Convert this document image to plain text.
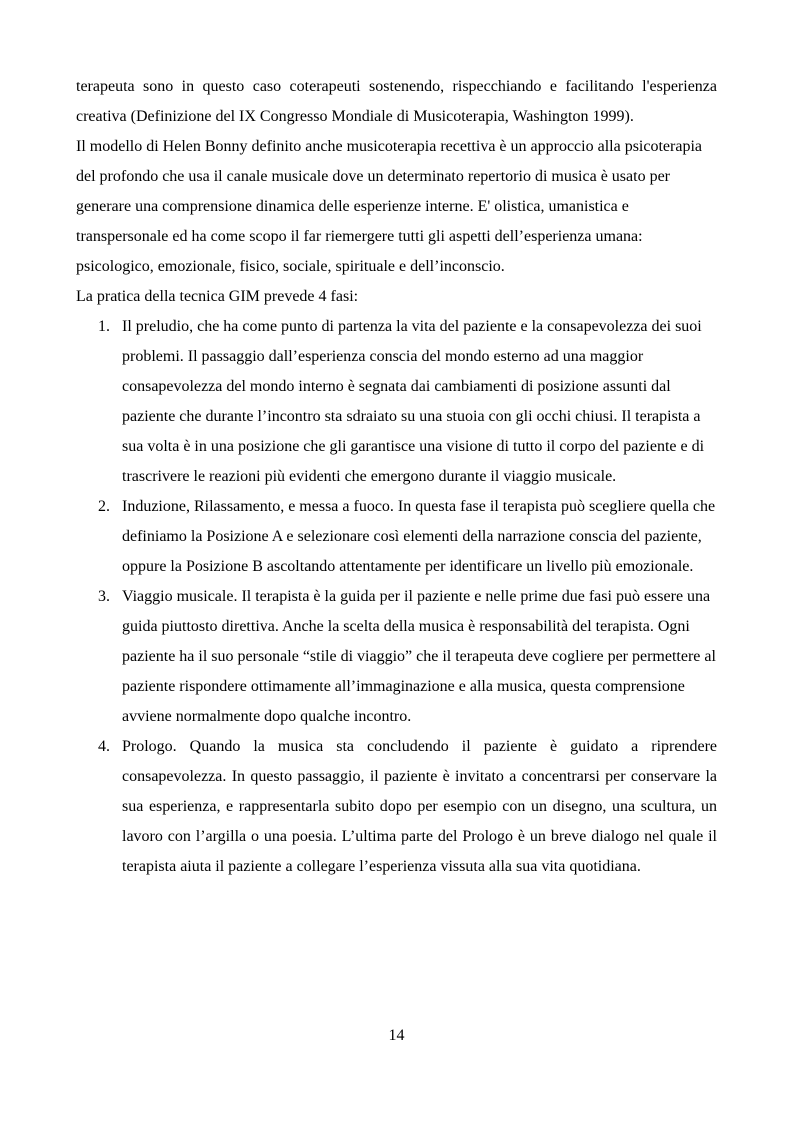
terapeuta sono in questo caso coterapeuti sostenendo, rispecchiando e facilitando l'esperienza creativa (Definizione del IX Congresso Mondiale di Musicoterapia, Washington 1999).

Il modello di Helen Bonny definito anche musicoterapia recettiva è un approccio alla psicoterapia del profondo che usa il canale musicale dove un determinato repertorio di musica è usato per generare una comprensione dinamica delle esperienze interne. E' olistica, umanistica e transpersonale ed ha come scopo il far riemergere tutti gli aspetti dell’esperienza umana: psicologico, emozionale, fisico, sociale, spirituale e dell’inconscio.

La pratica della tecnica GIM prevede 4 fasi:

1. Il preludio, che ha come punto di partenza la vita del paziente e la consapevolezza dei suoi problemi. Il passaggio dall’esperienza conscia del mondo esterno ad una maggior consapevolezza del mondo interno è segnata dai cambiamenti di posizione assunti dal paziente che durante l’incontro sta sdraiato su una stuoia con gli occhi chiusi. Il terapista a sua volta è in una posizione che gli garantisce una visione di tutto il corpo del paziente e di trascrivere le reazioni più evidenti che emergono durante il viaggio musicale.
2. Induzione, Rilassamento, e messa a fuoco. In questa fase il terapista può scegliere quella che definiamo la Posizione A e selezionare così elementi della narrazione conscia del paziente, oppure la Posizione B ascoltando attentamente per identificare un livello più emozionale.
3. Viaggio musicale. Il terapista è la guida per il paziente e nelle prime due fasi può essere una guida piuttosto direttiva. Anche la scelta della musica è responsabilità del terapista. Ogni paziente ha il suo personale “stile di viaggio” che il terapeuta deve cogliere per permettere al paziente rispondere ottimamente all’immaginazione e alla musica, questa comprensione avviene normalmente dopo qualche incontro.
4. Prologo. Quando la musica sta concludendo il paziente è guidato a riprendere consapevolezza. In questo passaggio, il paziente è invitato a concentrarsi per conservare la sua esperienza, e rappresentarla subito dopo per esempio con un disegno, una scultura, un lavoro con l’argilla o una poesia. L’ultima parte del Prologo è un breve dialogo nel quale il terapista aiuta il paziente a collegare l’esperienza vissuta alla sua vita quotidiana.
14
